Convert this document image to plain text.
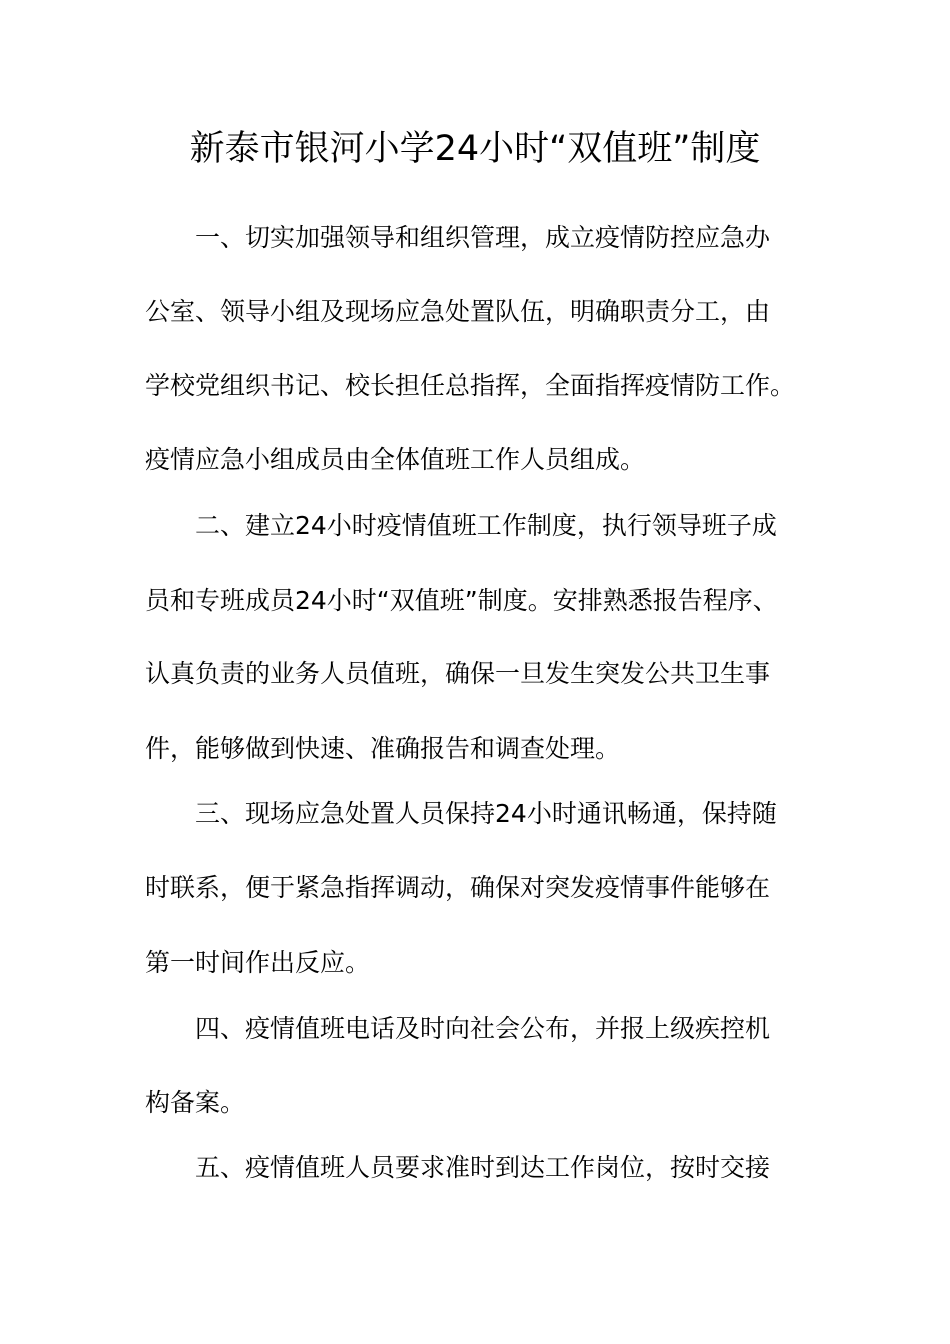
新泰市银河小学24小时“双值班”制度

一、切实加强领导和组织管理，成立疫情防控应急办

公室、领导小组及现场应急处置队伍，明确职责分工，由

学校党组织书记、校长担任总指挥，全面指挥疫情防工作。

疫情应急小组成员由全体值班工作人员组成。

二、建立24小时疫情值班工作制度，执行领导班子成

员和专班成员24小时“双值班”制度。安排熟悉报告程序、

认真负责的业务人员值班，确保一旦发生突发公共卫生事

件，能够做到快速、准确报告和调查处理。

三、现场应急处置人员保持24小时通讯畅通，保持随

时联系，便于紧急指挥调动，确保对突发疫情事件能够在

第一时间作出反应。

四、疫情值班电话及时向社会公布，并报上级疾控机

构备案。

五、疫情值班人员要求准时到达工作岗位，按时交接
